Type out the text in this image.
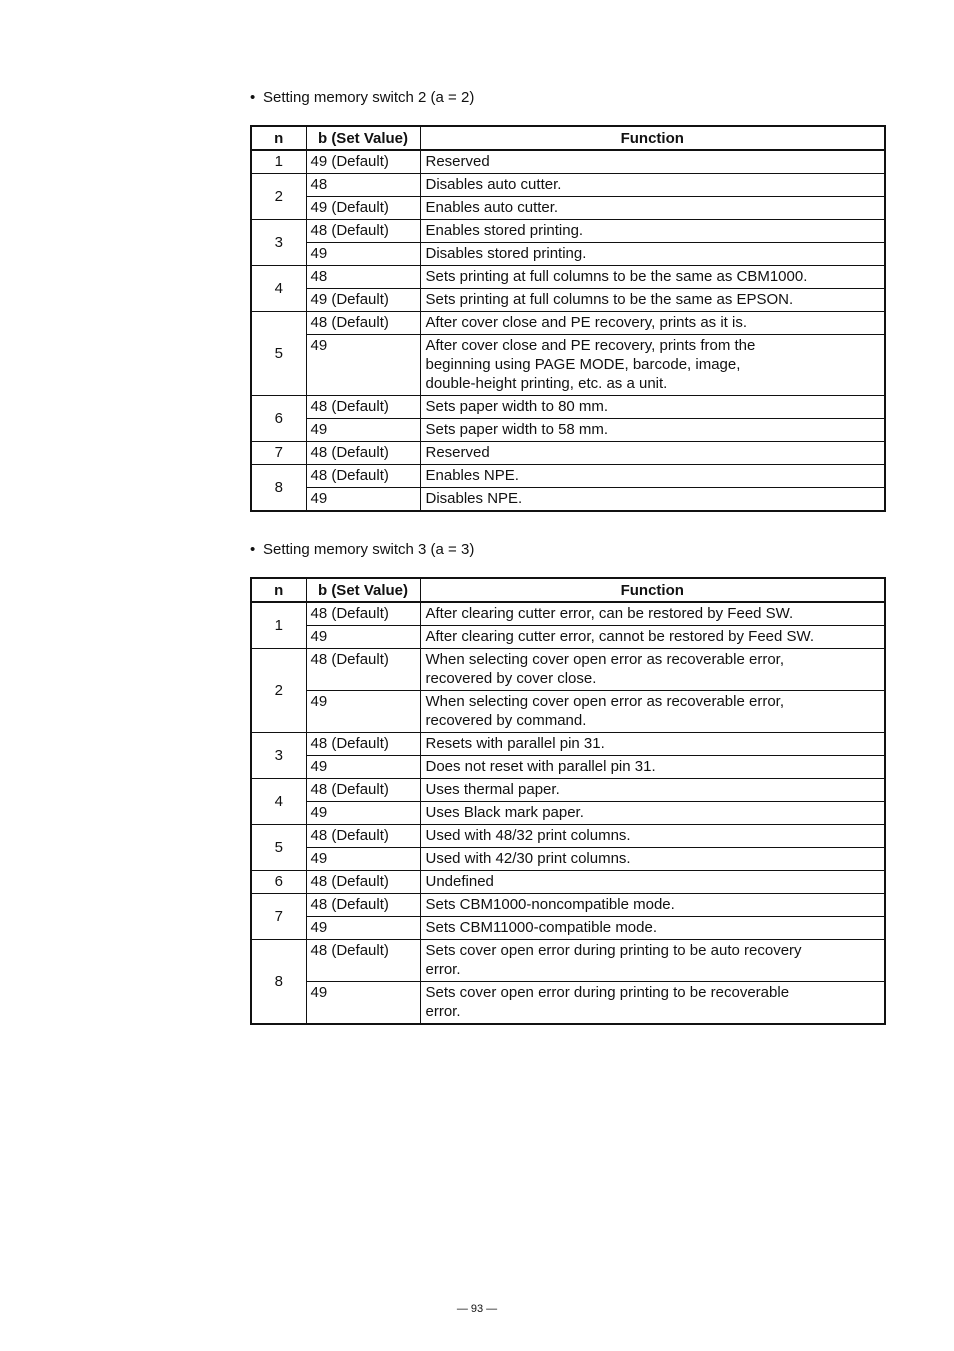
• Setting memory switch 2 (a = 2)
n	b (Set Value)	Function
1	49 (Default)	Reserved
2	48	Disables auto cutter.
	49 (Default)	Enables auto cutter.
3	48 (Default)	Enables stored printing.
	49	Disables stored printing.
4	48	Sets printing at full columns to be the same as CBM1000.
	49 (Default)	Sets printing at full columns to be the same as EPSON.
5	48 (Default)	After cover close and PE recovery, prints as it is.
	49	After cover close and PE recovery, prints from the
beginning using PAGE MODE, barcode, image,
double-height printing, etc. as a unit.
6	48 (Default)	Sets paper width to 80 mm.
	49	Sets paper width to 58 mm.
7	48 (Default)	Reserved
8	48 (Default)	Enables NPE.
	49	Disables NPE.
• Setting memory switch 3 (a = 3)
n	b (Set Value)	Function
1	48 (Default)	After clearing cutter error, can be restored by Feed SW.
	49	After clearing cutter error, cannot be restored by Feed SW.
2	48 (Default)	When selecting cover open error as recoverable error,
recovered by cover close.
	49	When selecting cover open error as recoverable error,
recovered by command.
3	48 (Default)	Resets with parallel pin 31.
	49	Does not reset with parallel pin 31.
4	48 (Default)	Uses thermal paper.
	49	Uses Black mark paper.
5	48 (Default)	Used with 48/32 print columns.
	49	Used with 42/30 print columns.
6	48 (Default)	Undefined
7	48 (Default)	Sets CBM1000-noncompatible mode.
	49	Sets CBM11000-compatible mode.
8	48 (Default)	Sets cover open error during printing to be auto recovery
error.
	49	Sets cover open error during printing to be recoverable
error.
— 93 —
